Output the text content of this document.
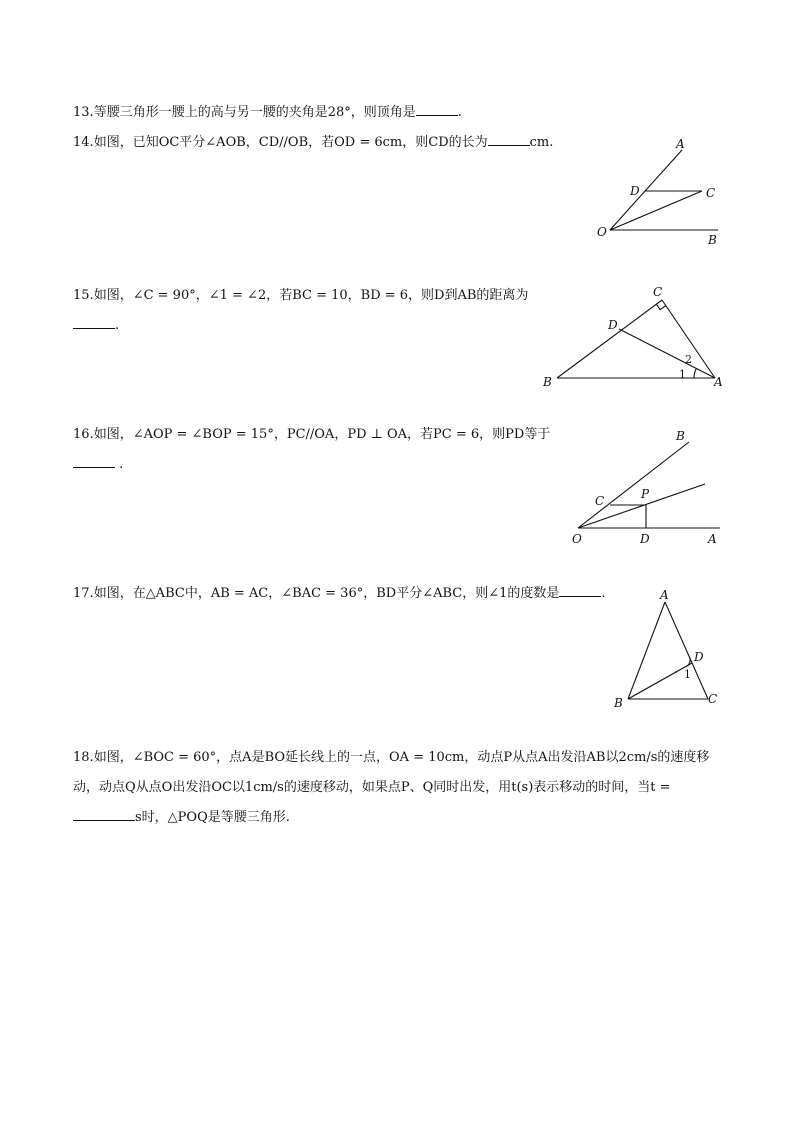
13.等腰三角形一腰上的高与另一腰的夹角是28°，则顶角是	.
14.如图，已知OC平分∠AOB，CD//OB，若OD = 6cm，则CD的长为	cm.	A
D	C
O
B
15.如图，∠C = 90°，∠1 = ∠2，若BC = 10，BD = 6，则D到AB的距离为
.
C
D
B	A
1
2
16.如图，∠AOP = ∠BOP = 15°，PC//OA，PD ⊥ OA，若PC = 6，则PD等于
.
B
C	P
O	D	A
17.如图，在△ABC中，AB = AC，∠BAC = 36°，BD平分∠ABC，则∠1的度数是	.	A
D
B	C
1
18.如图，∠BOC = 60°，点A是BO延长线上的一点，OA = 10cm，动点P从点A出发沿AB以2cm/s的速度移
动，动点Q从点O出发沿OC以1cm/s的速度移动，如果点P、Q同时出发，用t(s)表示移动的时间，当t =
s时，△POQ是等腰三角形.
